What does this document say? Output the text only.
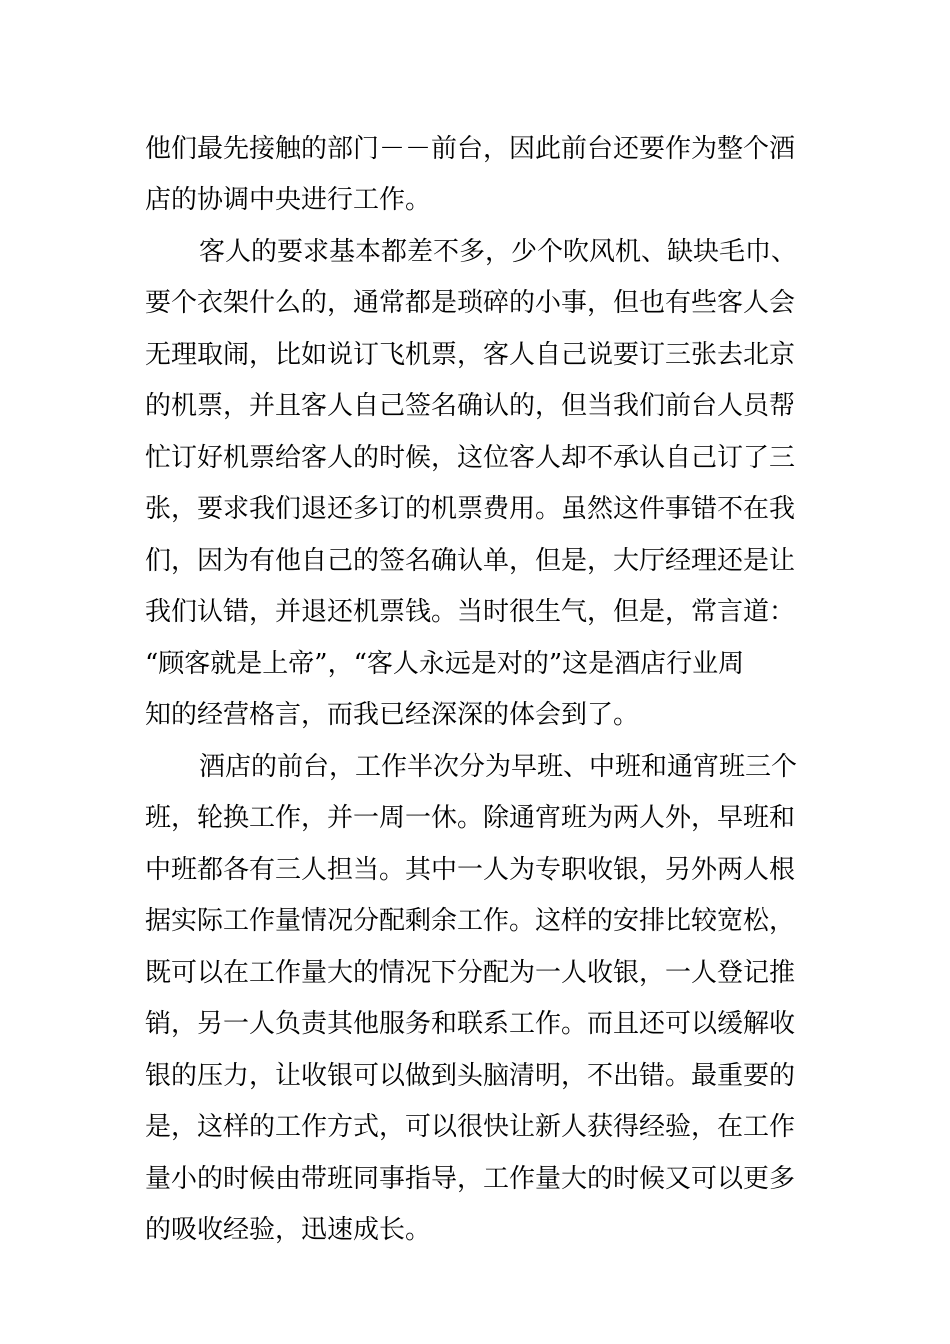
他们最先接触的部门－－前台，因此前台还要作为整个酒
店的协调中央进行工作。
客人的要求基本都差不多，少个吹风机、缺块毛巾、
要个衣架什么的，通常都是琐碎的小事，但也有些客人会
无理取闹，比如说订飞机票，客人自己说要订三张去北京
的机票，并且客人自己签名确认的，但当我们前台人员帮
忙订好机票给客人的时候，这位客人却不承认自己订了三
张，要求我们退还多订的机票费用。虽然这件事错不在我
们，因为有他自己的签名确认单，但是，大厅经理还是让
我们认错，并退还机票钱。当时很生气，但是，常言道：
“顾客就是上帝”，“客人永远是对的”这是酒店行业周
知的经营格言，而我已经深深的体会到了。
酒店的前台，工作半次分为早班、中班和通宵班三个
班，轮换工作，并一周一休。除通宵班为两人外，早班和
中班都各有三人担当。其中一人为专职收银，另外两人根
据实际工作量情况分配剩余工作。这样的安排比较宽松，
既可以在工作量大的情况下分配为一人收银，一人登记推
销，另一人负责其他服务和联系工作。而且还可以缓解收
银的压力，让收银可以做到头脑清明，不出错。最重要的
是，这样的工作方式，可以很快让新人获得经验，在工作
量小的时候由带班同事指导，工作量大的时候又可以更多
的吸收经验，迅速成长。
